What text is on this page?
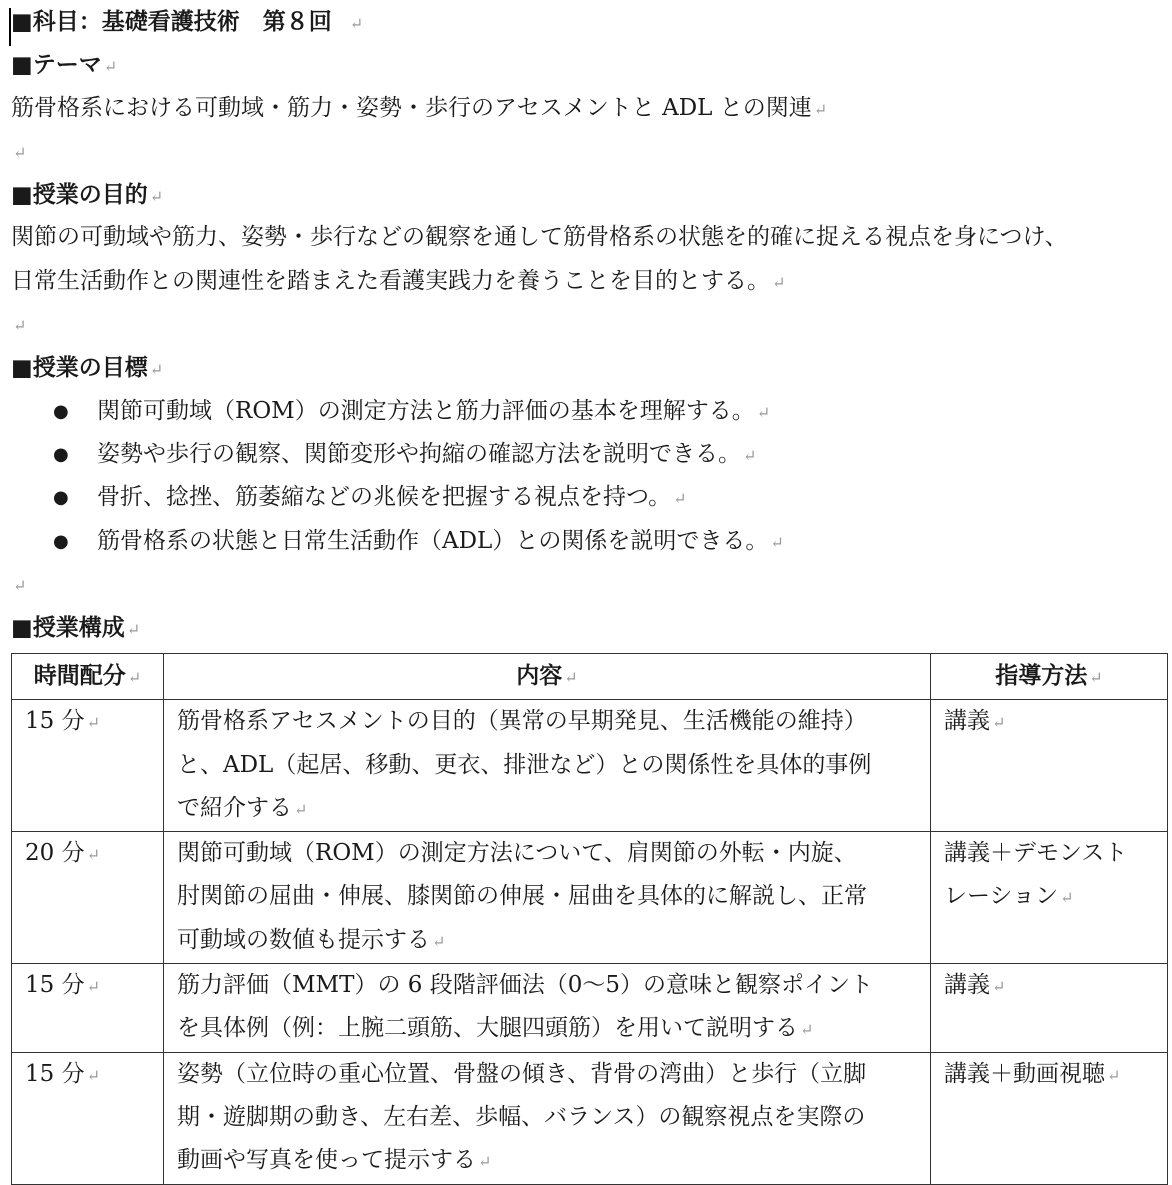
■科目：基礎看護技術　 第８回　↵
■テーマ ↵
筋骨格系における可動域・筋力・姿勢・歩行のアセスメントと ADL との関連 ↵
↵
■授業の目的 ↵
関節の可動域や筋力、姿勢・歩行などの観察を通して筋骨格系の状態を的確に捉える視点を身につけ、
日常生活動作との関連性を踏まえた看護実践力を養うことを目的とする。 ↵
↵
■授業の目標 ↵
● 関節可動域（ROM）の測定方法と筋力評価の基本を理解する。 ↵
● 姿勢や歩行の観察、関節変形や拘縮の確認方法を説明できる。 ↵
● 骨折、捻挫、筋萎縮などの兆候を把握する視点を持つ。 ↵
● 筋骨格系の状態と日常生活動作（ADL）との関係を説明できる。 ↵
↵
■授業構成 ↵
時間配分 ↵	内容 ↵	指導方法 ↵
15 分 ↵	筋骨格系アセスメントの目的（異常の早期発見、生活機能の維持）
と、ADL（起居、移動、更衣、排泄など）との関係性を具体的事例
で紹介する ↵	講義 ↵
20 分 ↵	関節可動域（ROM）の測定方法について、肩関節の外転・内旋、
肘関節の屈曲・伸展、膝関節の伸展・屈曲を具体的に解説し、正常
可動域の数値も提示する ↵	講義＋デモンスト
レーション ↵
15 分 ↵	筋力評価（MMT）の 6 段階評価法（0～5）の意味と観察ポイント
を具体例（例：上腕二頭筋、大腿四頭筋）を用いて説明する ↵	講義 ↵
15 分 ↵	姿勢（立位時の重心位置、骨盤の傾き、背骨の湾曲）と歩行（立脚
期・遊脚期の動き、左右差、歩幅、バランス）の観察視点を実際の
動画や写真を使って提示する ↵	講義＋動画視聴 ↵
